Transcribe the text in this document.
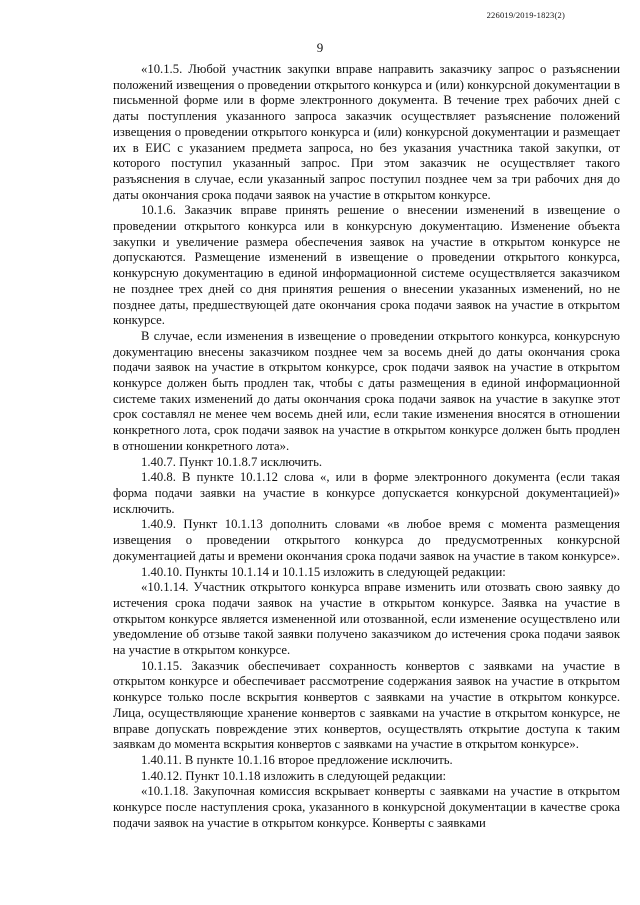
226019/2019-1823(2)
9

«10.1.5. Любой участник закупки вправе направить заказчику запрос о разъяснении положений извещения о проведении открытого конкурса и (или) конкурсной документации в письменной форме или в форме электронного документа. В течение трех рабочих дней с даты поступления указанного запроса заказчик осуществляет разъяснение положений извещения о проведении открытого конкурса и (или) конкурсной документации и размещает их в ЕИС с указанием предмета запроса, но без указания участника такой закупки, от которого поступил указанный запрос. При этом заказчик не осуществляет такого разъяснения в случае, если указанный запрос поступил позднее чем за три рабочих дня до даты окончания срока подачи заявок на участие в открытом конкурсе.

10.1.6. Заказчик вправе принять решение о внесении изменений в извещение о проведении открытого конкурса или в конкурсную документацию. Изменение объекта закупки и увеличение размера обеспечения заявок на участие в открытом конкурсе не допускаются. Размещение изменений в извещение о проведении открытого конкурса, конкурсную документацию в единой информационной системе осуществляется заказчиком не позднее трех дней со дня принятия решения о внесении указанных изменений, но не позднее даты, предшествующей дате окончания срока подачи заявок на участие в открытом конкурсе.

В случае, если изменения в извещение о проведении открытого конкурса, конкурсную документацию внесены заказчиком позднее чем за восемь дней до даты окончания срока подачи заявок на участие в открытом конкурсе, срок подачи заявок на участие в открытом конкурсе должен быть продлен так, чтобы с даты размещения в единой информационной системе таких изменений до даты окончания срока подачи заявок на участие в закупке этот срок составлял не менее чем восемь дней или, если такие изменения вносятся в отношении конкретного лота, срок подачи заявок на участие в открытом конкурсе должен быть продлен в отношении конкретного лота».

1.40.7. Пункт 10.1.8.7 исключить.

1.40.8. В пункте 10.1.12 слова «, или в форме электронного документа (если такая форма подачи заявки на участие в конкурсе допускается конкурсной документацией)» исключить.

1.40.9. Пункт 10.1.13 дополнить словами «в любое время с момента размещения извещения о проведении открытого конкурса до предусмотренных конкурсной документацией даты и времени окончания срока подачи заявок на участие в таком конкурсе».

1.40.10. Пункты 10.1.14 и 10.1.15 изложить в следующей редакции:

«10.1.14. Участник открытого конкурса вправе изменить или отозвать свою заявку до истечения срока подачи заявок на участие в открытом конкурсе. Заявка на участие в открытом конкурсе является измененной или отозванной, если изменение осуществлено или уведомление об отзыве такой заявки получено заказчиком до истечения срока подачи заявок на участие в открытом конкурсе.

10.1.15. Заказчик обеспечивает сохранность конвертов с заявками на участие в открытом конкурсе и обеспечивает рассмотрение содержания заявок на участие в открытом конкурсе только после вскрытия конвертов с заявками на участие в открытом конкурсе. Лица, осуществляющие хранение конвертов с заявками на участие в открытом конкурсе, не вправе допускать повреждение этих конвертов, осуществлять открытие доступа к таким заявкам до момента вскрытия конвертов с заявками на участие в открытом конкурсе».

1.40.11. В пункте 10.1.16 второе предложение исключить.

1.40.12. Пункт 10.1.18 изложить в следующей редакции:

«10.1.18. Закупочная комиссия вскрывает конверты с заявками на участие в открытом конкурсе после наступления срока, указанного в конкурсной документации в качестве срока подачи заявок на участие в открытом конкурсе. Конверты с заявками
